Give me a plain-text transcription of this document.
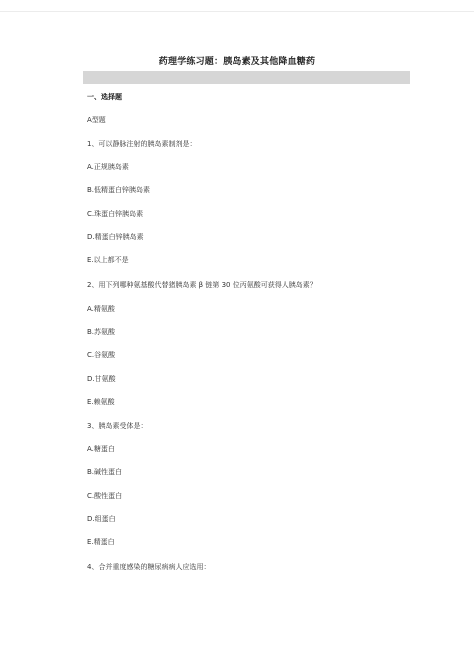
药理学练习题：胰岛素及其他降血糖药
一、选择题
A型题
1、可以静脉注射的胰岛素制剂是：
A.正规胰岛素
B.低精蛋白锌胰岛素
C.珠蛋白锌胰岛素
D.精蛋白锌胰岛素
E.以上都不是
2、用下列哪种氨基酸代替猪胰岛素 β 链第 30 位丙氨酸可获得人胰岛素？
A.精氨酸
B.苏氨酸
C.谷氨酸
D.甘氨酸
E.赖氨酸
3、胰岛素受体是：
A.糖蛋白
B.碱性蛋白
C.酸性蛋白
D.组蛋白
E.精蛋白
4、合并重度感染的糖尿病病人应选用：
